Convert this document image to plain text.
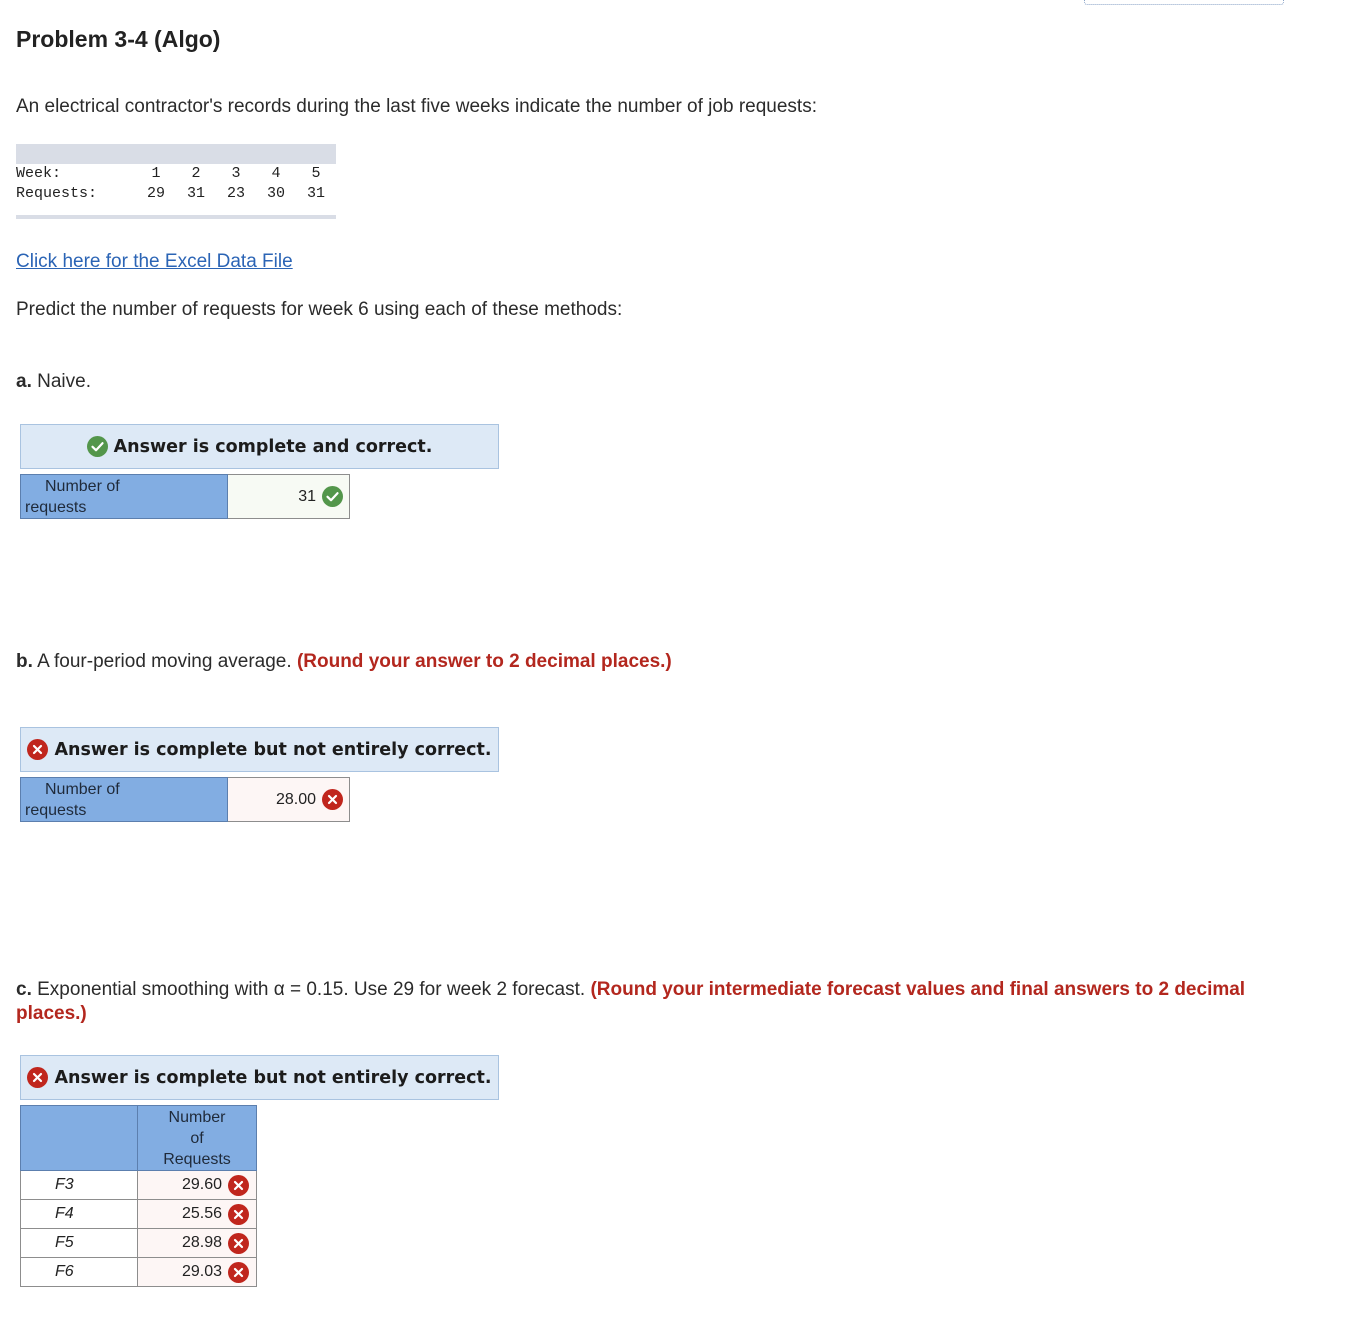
Problem 3-4 (Algo)
An electrical contractor's records during the last five weeks indicate the number of job requests:
Week:	1	2	3	4	5
Requests:	29	31	23	30	31
Click here for the Excel Data File
Predict the number of requests for week 6 using each of these methods:
a. Naive.
Answer is complete and correct.
Number of
requests
31
b. A four-period moving average. (Round your answer to 2 decimal places.)
Answer is complete but not entirely correct.
Number of
requests
28.00
c. Exponential smoothing with α = 0.15. Use 29 for week 2 forecast. (Round your intermediate forecast values and final answers to 2 decimal places.)
Answer is complete but not entirely correct.

	Number
of
Requests

F3	29.60

F4	25.56

F5	28.98

F6	29.03
